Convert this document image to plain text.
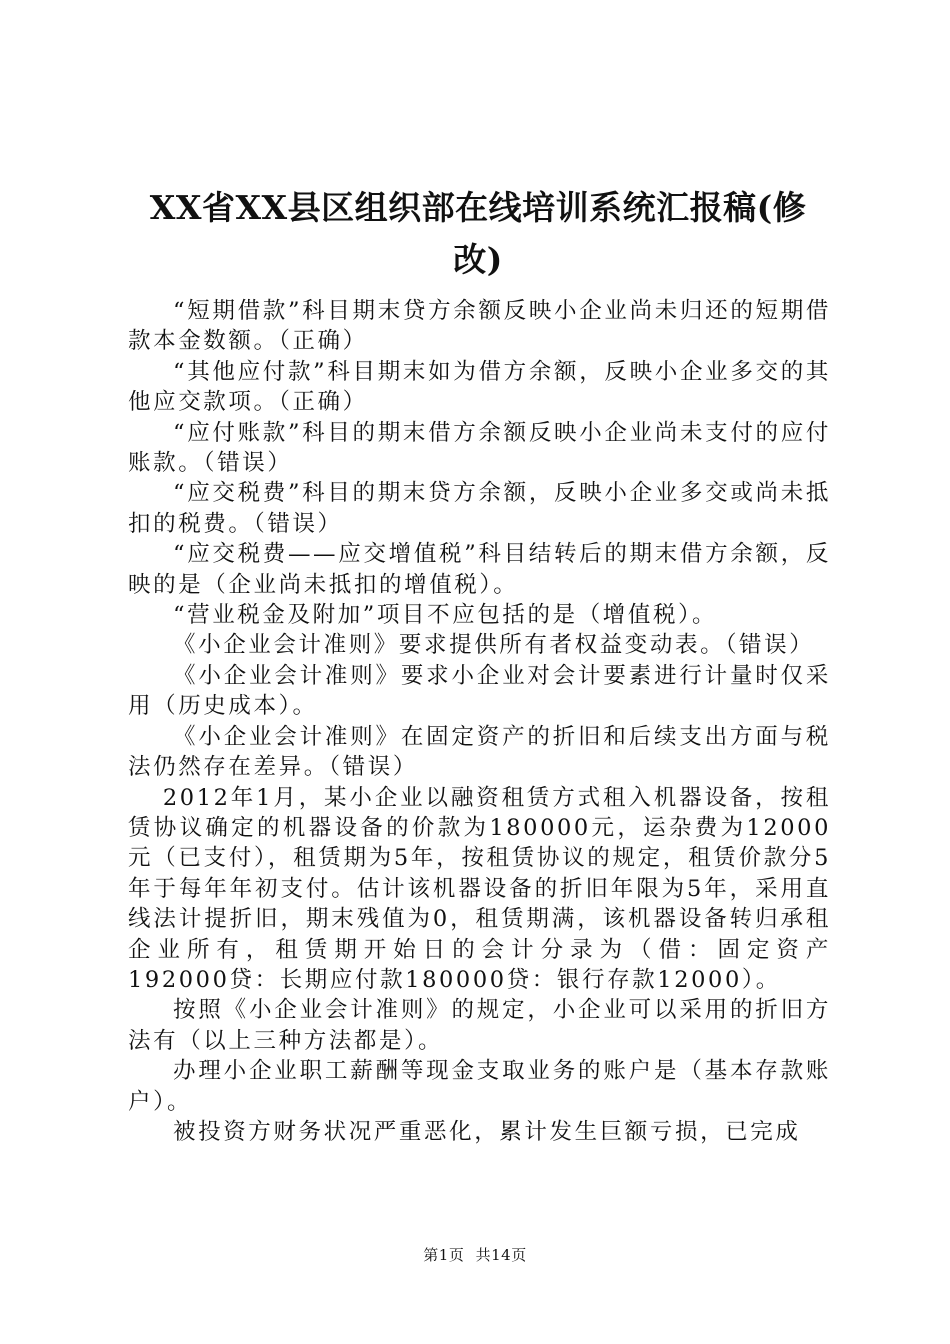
XX省XX县区组织部在线培训系统汇报稿(修改)

“短期借款”科目期末贷方余额反映小企业尚未归还的短期借款本金数额。（正确）

“其他应付款”科目期末如为借方余额，反映小企业多交的其他应交款项。（正确）

“应付账款”科目的期末借方余额反映小企业尚未支付的应付账款。（错误）

“应交税费”科目的期末贷方余额，反映小企业多交或尚未抵扣的税费。（错误）

“应交税费——应交增值税”科目结转后的期末借方余额，反映的是（企业尚未抵扣的增值税）。

“营业税金及附加”项目不应包括的是（增值税）。

《小企业会计准则》要求提供所有者权益变动表。（错误）

《小企业会计准则》要求小企业对会计要素进行计量时仅采用（历史成本）。

《小企业会计准则》在固定资产的折旧和后续支出方面与税法仍然存在差异。（错误）

2012年1月，某小企业以融资租赁方式租入机器设备，按租赁协议确定的机器设备的价款为180000元，运杂费为12000元（已支付），租赁期为5年，按租赁协议的规定，租赁价款分5年于每年年初支付。估计该机器设备的折旧年限为5年，采用直线法计提折旧，期末残值为0，租赁期满，该机器设备转归承租企业所有，租赁期开始日的会计分录为（借：固定资产192000贷：长期应付款180000贷：银行存款12000）。

按照《小企业会计准则》的规定，小企业可以采用的折旧方法有（以上三种方法都是）。

办理小企业职工薪酬等现金支取业务的账户是（基本存款账户）。

被投资方财务状况严重恶化，累计发生巨额亏损，已完成

第1页 共14页
